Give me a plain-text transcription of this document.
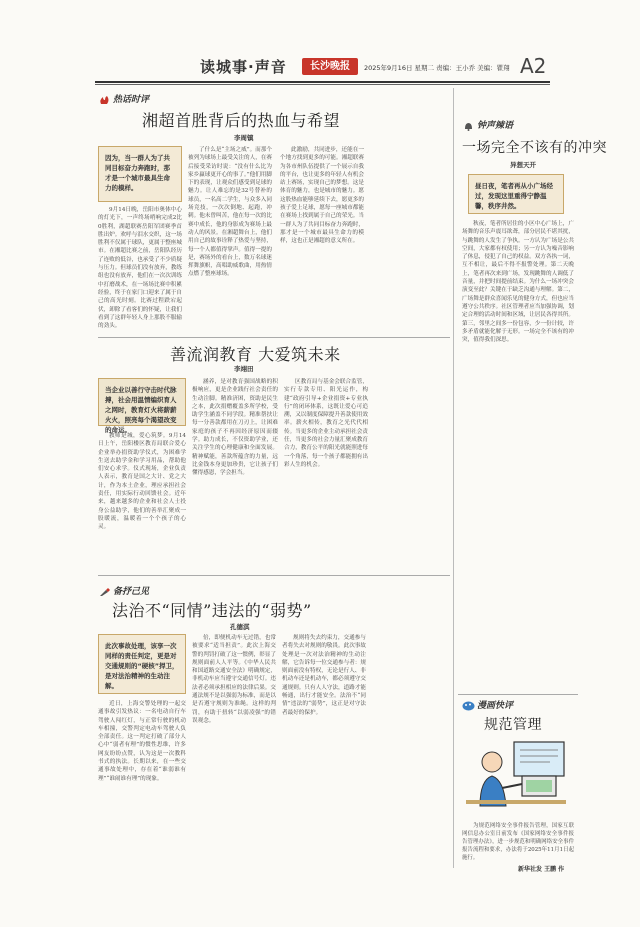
读城事·声音	长沙晚报	2025年9月16日 星期二 责编：王小乔 美编：瞿翔 A2
热话时评
湘超首胜背后的热血与希望
李周镇
因为，当一群人为了共同目标奋力奔跑时，那才是一个城市最具生命力的模样。

9月14日晚，岳阳市奥体中心的灯光下，一声终场哨响完成2比0胜利，湖超联赛岳阳军团赛季首胜出炉。欢呼与泪水交织，这一场胜利不仅属于球队，更属于整座城市。在湘超比赛之前，岳阳队经历了连败的低谷，也承受了不少质疑与压力。但球员们没有放弃，教练组也没有放弃，他们在一次次训练中打磨战术，在一场场比赛中积累经验，终于在家门口迎来了属于自己的高光时刻。比赛过程跌宕起伏，卸除了看客们的怀疑，让我们看到了这群年轻人身上那股不服输的劲头。

了什么是“主场之威”。而那个被列为球场上最受关注的人，在赛后接受采访时说：“没有什么比为家乡赢球更开心的事了。”他们用脚下的表现，让观众们感受到足球的魅力。让人难忘的是32号替补的球员，一名高二学生，与众多入同场竞技，一次次倒地、起跑，冲刺。他未曾叫苦，他在每一次的比赛中成长，他的身影成为赛场上最动人的风景。在湘超舞台上，他们用自己的故事诠释了热爱与坚持，每一个人都值得掌声。值得一提的是，赛场外的看台上，数万名球迷挥舞旗帜，高唱助威歌曲，用热情点燃了整座球场。

此激励，共同进步，还能在一个地方找到更多的可能。湘超联赛为各市州队伍提供了一个展示自我的平台，也让更多的年轻人有机会站上赛场，实现自己的梦想。这是体育的魅力，也是城市的魅力。愿这股热血能够延续下去，愿更多的孩子爱上足球，愿每一座城市都能在赛场上找到属于自己的荣光。当一群人为了共同目标奋力奔跑时，那才是一个城市最具生命力的模样，这也正是湘超的意义所在。

善流润教育 大爱筑未来
李翊田
当企业以善行守击时代脉搏，社会用温情编织育人之网时，教育灯火将薪薪火火，照亮每个渴望改变的命运。

教师是城，爱心筑梦。9月14日上午，岳阳楼区教育局联合爱心企业举办捐资助学仪式，为困难学生送去助学金和学习用品，帮助他们安心求学。仪式现场，企业负责人表示，教育是国之大计、党之大计，作为本土企业，理应承担社会责任，用实际行动回馈社会。近年来，越来越多的企业和社会人士投身公益助学，他们的善举汇聚成一股暖流，温暖着一个个孩子的心灵。

涵养，是对教育强国战略的积极响应，更是企业践行社会责任的生动注脚。精准济困，资助是民生之本，此次捐赠覆盖多所学校，受助学生涵盖不同学段。精准帮扶让每一分善款都用在刀刃上，让困难家庭的孩子不再因经济原因而辍学。助力成长，不仅资助学业，还关注学生的心理健康和全面发展。精神赋能，善款所蕴含的力量，远比金钱本身更加珍贵，它让孩子们懂得感恩，学会担当。

区教育局与基金会联合监管，实行专款专用、阳光运作，构建“政府引导+企业捐资+专业执行”的闭环体系，这既让爱心可追溯，又以制度保障提升善款使用效率。薪火相传，教育之光代代相传。当更多的企业主动承担社会责任，当更多的社会力量汇聚成教育合力，教育公平的阳光就能照进每一个角落，每一个孩子都能拥有出彩人生的机会。

备抒己见
法治不“同情”违法的“弱势”
孔德淇
此次事故处理，该享一次同样的责任判定，更是对交通规则的“硬核”捍卫，是对法治精神的生动注解。

近日，上海交警处理的一起交通事故引发热议：一名电动自行车驾驶人闯红灯，与正常行驶的机动车相撞，交警判定电动车驾驶人负全部责任。这一判定打破了部分人心中“弱者有理”的惯性思维，许多网友纷纷点赞，认为这是一次教科书式的执法。长期以来，在一些交通事故处理中，存在着“谁弱谁有理”“谁闹谁有理”的现象。

倍，即便机动车无过错，也常被要求“适当担责”。此次上海交警的判罚打破了这一惯例，彰显了规则面前人人平等。《中华人民共和国道路交通安全法》明确规定，非机动车应当遵守交通信号灯。违法者必须承担相应的法律后果。交通法规不是以强弱为标准，而是以是否遵守规则为准绳。这样的判罚，有助于扭转“以弱凌强”的错误观念。

规则将失去约束力，交通参与者将失去对规则的敬畏。此次事故处理是一次对法治精神的生动注解，它告诉每一位交通参与者：规则面前没有特权，无论是行人、非机动车还是机动车，都必须遵守交通规则。只有人人守法，道路才能畅通，出行才能安全。法治不“同情”违法的“弱势”，这正是对守法者最好的保护。

钟声辣语
一场完全不该有的冲突
异想天开
昼日夜，笔者再从小广场经过，发现这里重得宁静温馨，秩序井然。

秋夜，笔者所居住的小区中心广场上，广场舞的音乐声震耳欲聋，部分居民不堪其扰，与跳舞的人发生了争执。一方认为广场是公共空间，大家都有权使用；另一方认为噪音影响了休息，侵犯了自己的权益。双方各执一词，互不相让，最后不得不报警处理。第二天晚上，笔者再次来到广场，发现跳舞的人调低了音量，并把时间提前结束。为什么一场冲突会演变至此？关键在于缺乏沟通与理解。第二，广场舞是群众喜闻乐见的健身方式，但也应当遵守公共秩序。社区管理者应当加强协调，划定合理的活动时间和区域，让居民各得其所。第三，邻里之间多一份包容，少一份计较，许多矛盾就能化解于无形。一场完全不该有的冲突，值得我们深思。

漫画快评
规范管理

为规范网络安全事件报告管理，国家互联网信息办公室日前发布《国家网络安全事件报告管理办法》，进一步规范和明确网络安全事件报告流程和要求，办法将于2025年11月1日起施行。

新华社发 王鹏 作
